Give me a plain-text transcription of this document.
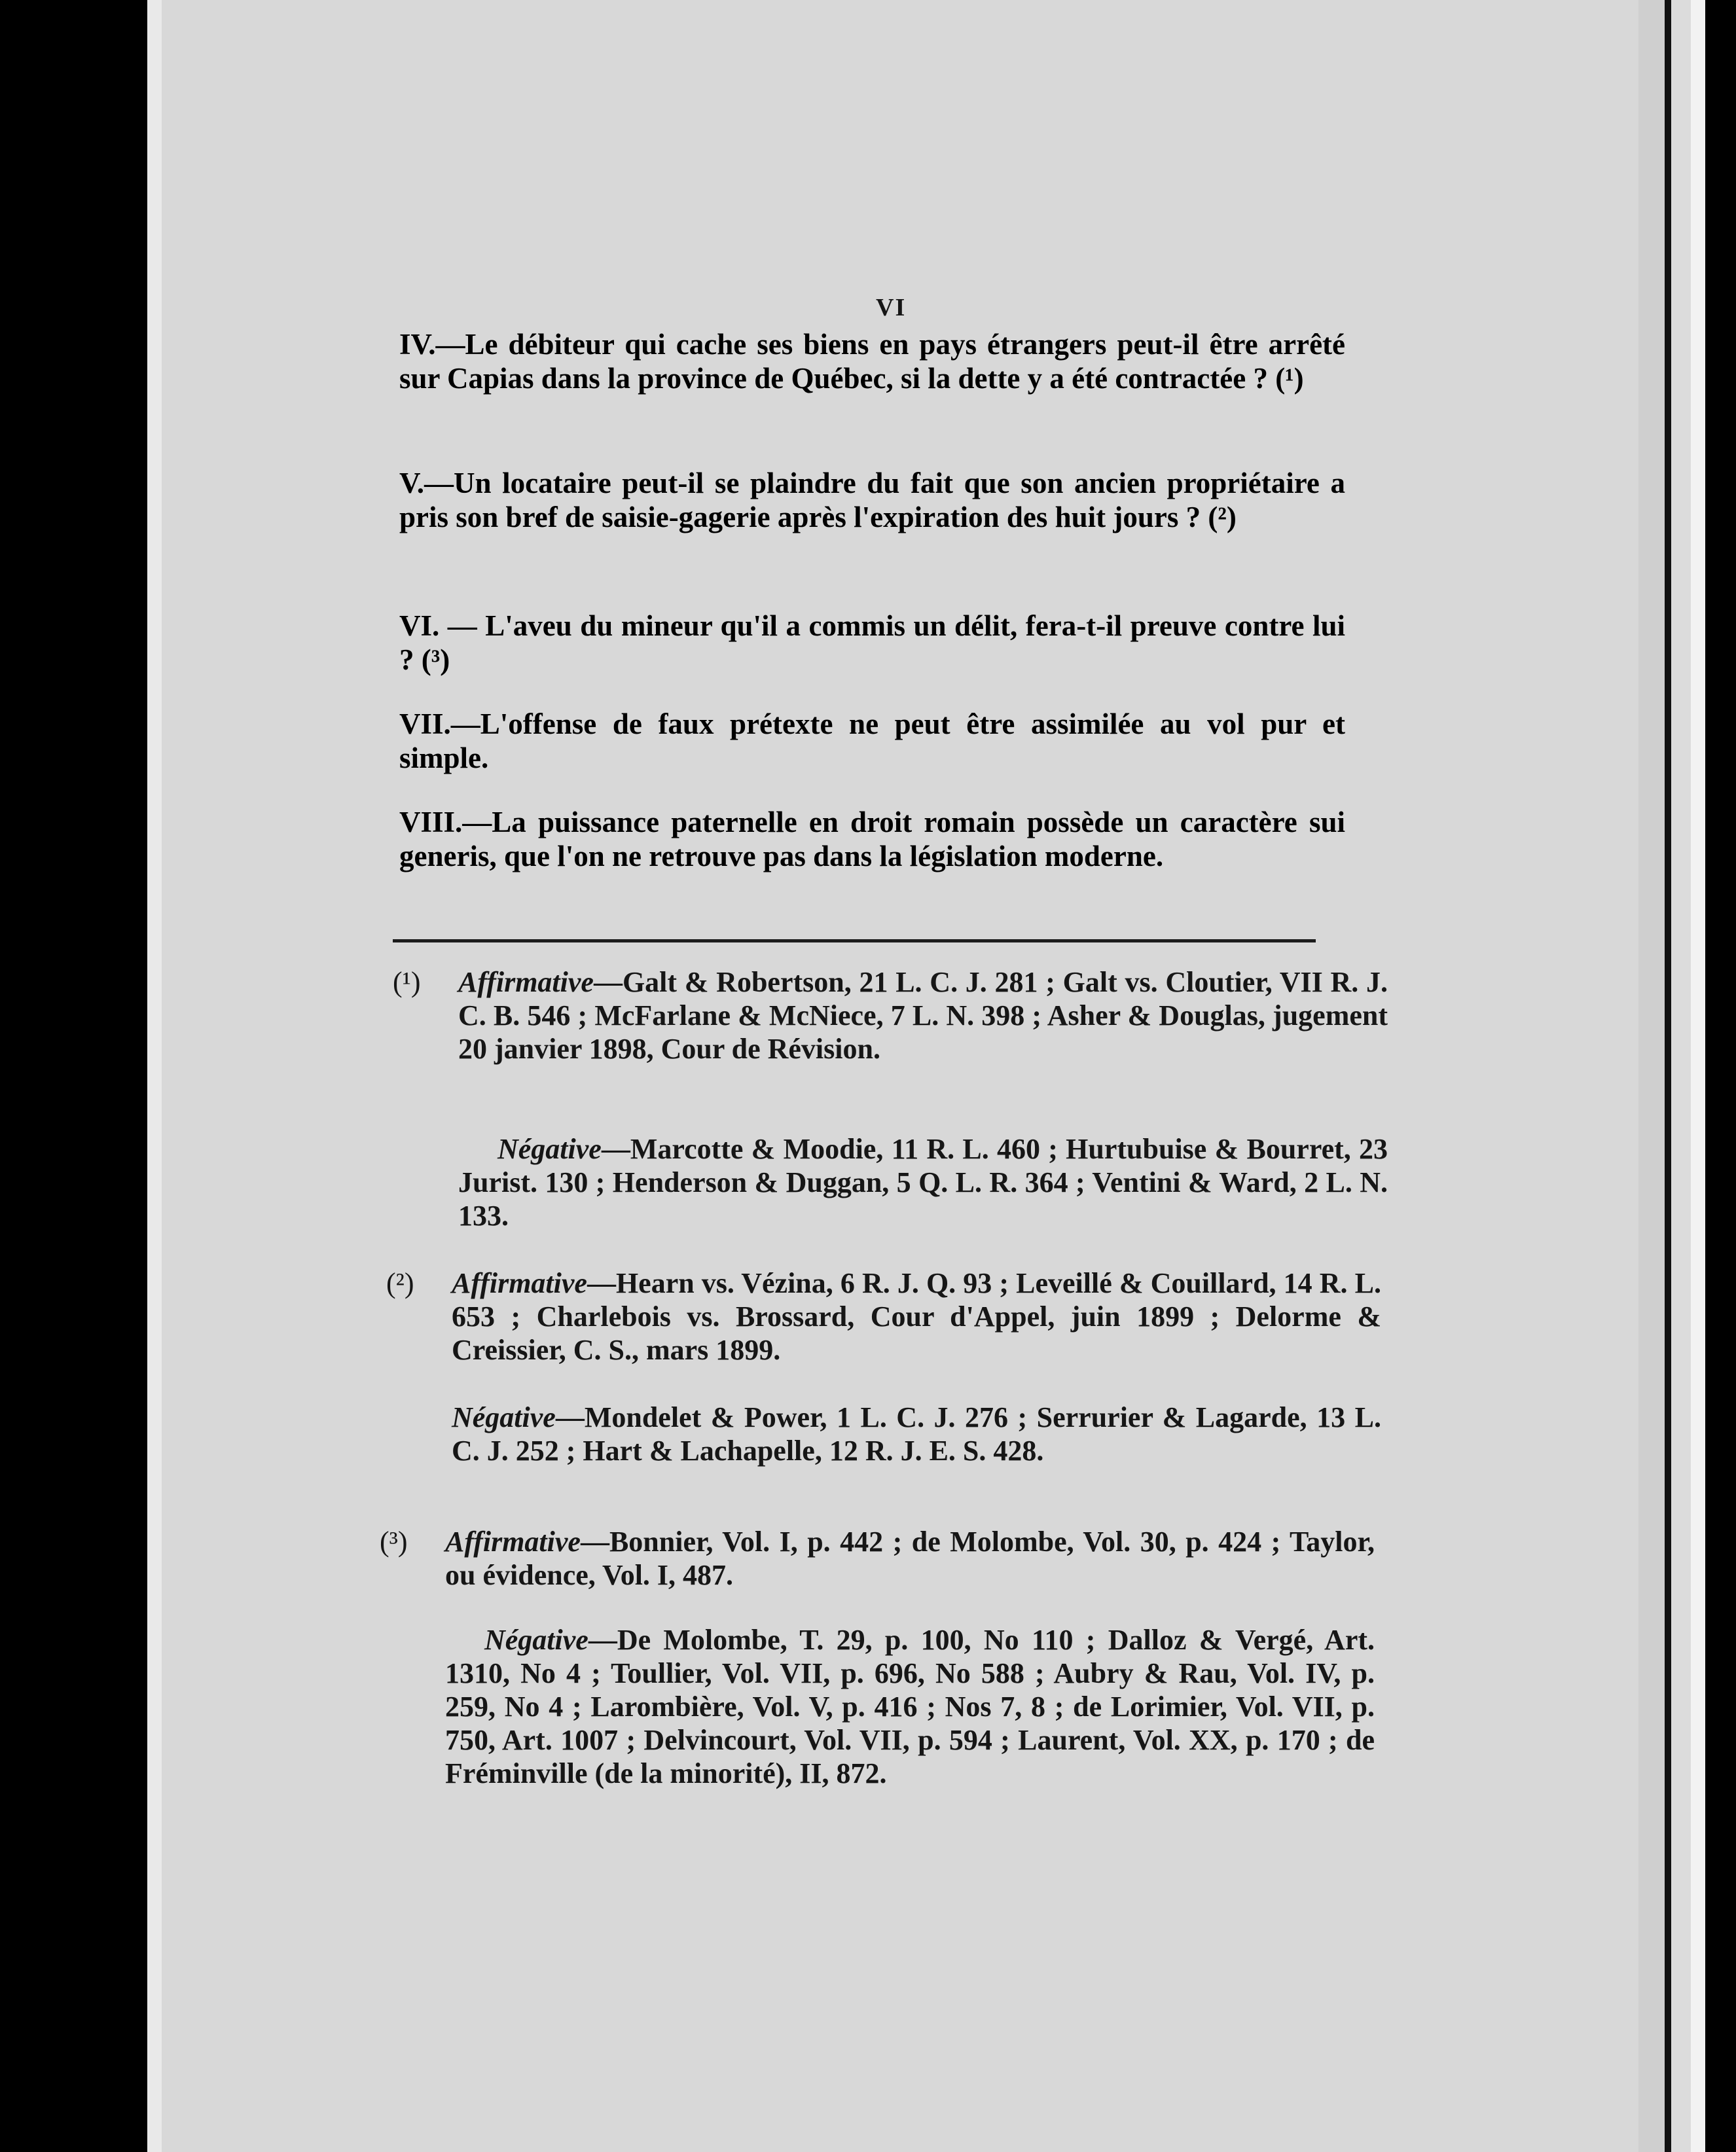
VI
IV.—Le débiteur qui cache ses biens en pays étrangers peut-il être arrêté sur Capias dans la province de Québec, si la dette y a été contractée ? (¹)
V.—Un locataire peut-il se plaindre du fait que son ancien propriétaire a pris son bref de saisie-gagerie après l'expiration des huit jours ? (²)
VI. — L'aveu du mineur qu'il a commis un délit, fera-t-il preuve contre lui ? (³)
VII.—L'offense de faux prétexte ne peut être assimilée au vol pur et simple.
VIII.—La puissance paternelle en droit romain possède un caractère sui generis, que l'on ne retrouve pas dans la législation moderne.
(¹) Affirmative—Galt & Robertson, 21 L. C. J. 281 ; Galt vs. Cloutier, VII R. J. C. B. 546 ; McFarlane & McNiece, 7 L. N. 398 ; Asher & Douglas, jugement 20 janvier 1898, Cour de Révision.
Négative—Marcotte & Moodie, 11 R. L. 460 ; Hurtubuise & Bourret, 23 Jurist. 130 ; Henderson & Duggan, 5 Q. L. R. 364 ; Ventini & Ward, 2 L. N. 133.
(²) Affirmative—Hearn vs. Vézina, 6 R. J. Q. 93 ; Leveillé & Couillard, 14 R. L. 653 ; Charlebois vs. Brossard, Cour d'Appel, juin 1899 ; Delorme & Creissier, C. S., mars 1899.
Négative—Mondelet & Power, 1 L. C. J. 276 ; Serrurier & Lagarde, 13 L. C. J. 252 ; Hart & Lachapelle, 12 R. J. E. S. 428.
(³) Affirmative—Bonnier, Vol. I, p. 442 ; de Molombe, Vol. 30, p. 424 ; Taylor, ou évidence, Vol. I, 487.
Négative—De Molombe, T. 29, p. 100, No 110 ; Dalloz & Vergé, Art. 1310, No 4 ; Toullier, Vol. VII, p. 696, No 588 ; Aubry & Rau, Vol. IV, p. 259, No 4 ; Larombière, Vol. V, p. 416 ; Nos 7, 8 ; de Lorimier, Vol. VII, p. 750, Art. 1007 ; Delvincourt, Vol. VII, p. 594 ; Laurent, Vol. XX, p. 170 ; de Fréminville (de la minorité), II, 872.
